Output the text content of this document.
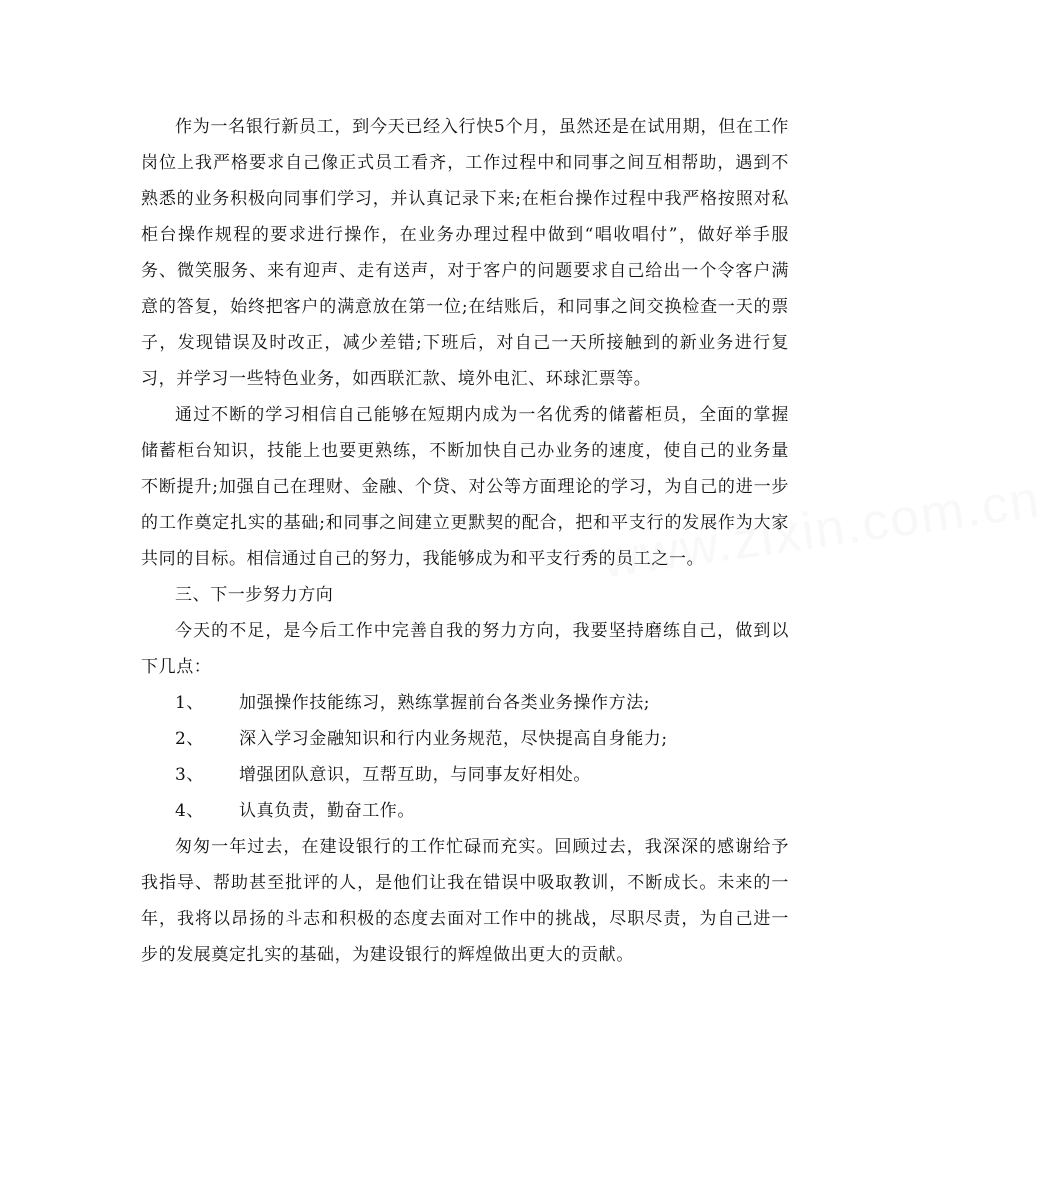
www.zixin.com.cn

作为一名银行新员工，到今天已经入行快5个月，虽然还是在试用期，但在工作岗位上我严格要求自己像正式员工看齐，工作过程中和同事之间互相帮助，遇到不熟悉的业务积极向同事们学习，并认真记录下来;在柜台操作过程中我严格按照对私柜台操作规程的要求进行操作，在业务办理过程中做到“唱收唱付”，做好举手服务、微笑服务、来有迎声、走有送声，对于客户的问题要求自己给出一个令客户满意的答复，始终把客户的满意放在第一位;在结账后，和同事之间交换检查一天的票子，发现错误及时改正，减少差错;下班后，对自己一天所接触到的新业务进行复习，并学习一些特色业务，如西联汇款、境外电汇、环球汇票等。

通过不断的学习相信自己能够在短期内成为一名优秀的储蓄柜员，全面的掌握储蓄柜台知识，技能上也要更熟练，不断加快自己办业务的速度，使自己的业务量不断提升;加强自己在理财、金融、个贷、对公等方面理论的学习，为自己的进一步的工作奠定扎实的基础;和同事之间建立更默契的配合，把和平支行的发展作为大家共同的目标。相信通过自己的努力，我能够成为和平支行秀的员工之一。

三、下一步努力方向

今天的不足，是今后工作中完善自我的努力方向，我要坚持磨练自己，做到以下几点：

1、 加强操作技能练习，熟练掌握前台各类业务操作方法;

2、 深入学习金融知识和行内业务规范，尽快提高自身能力;

3、 增强团队意识，互帮互助，与同事友好相处。

4、 认真负责，勤奋工作。

匆匆一年过去，在建设银行的工作忙碌而充实。回顾过去，我深深的感谢给予我指导、帮助甚至批评的人，是他们让我在错误中吸取教训，不断成长。未来的一年，我将以昂扬的斗志和积极的态度去面对工作中的挑战，尽职尽责，为自己进一步的发展奠定扎实的基础，为建设银行的辉煌做出更大的贡献。
